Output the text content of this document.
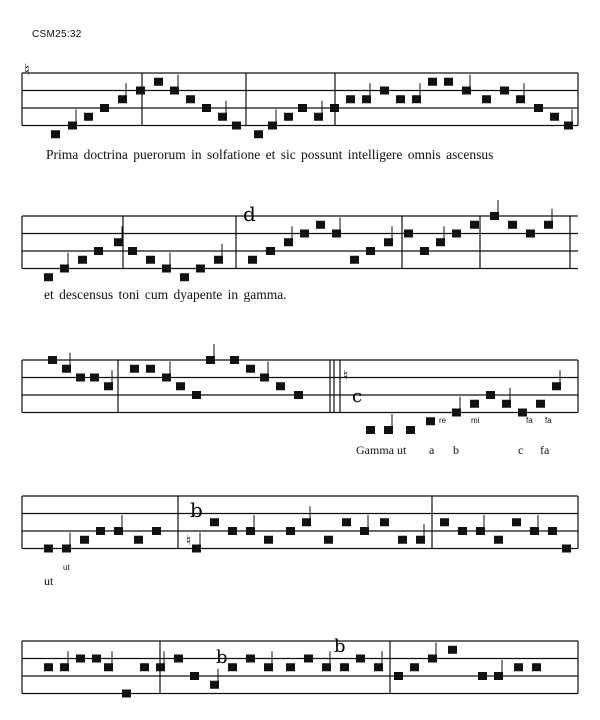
♮
d
♮
c
b
♮
b
b
CSM25:32
Prima doctrina puerorum in solfatione et sic possunt intelligere omnis ascensus
et descensus toni cum dyapente in gamma.
Gamma ut a b	c fa
ut
re	mi	fa fa
ut
